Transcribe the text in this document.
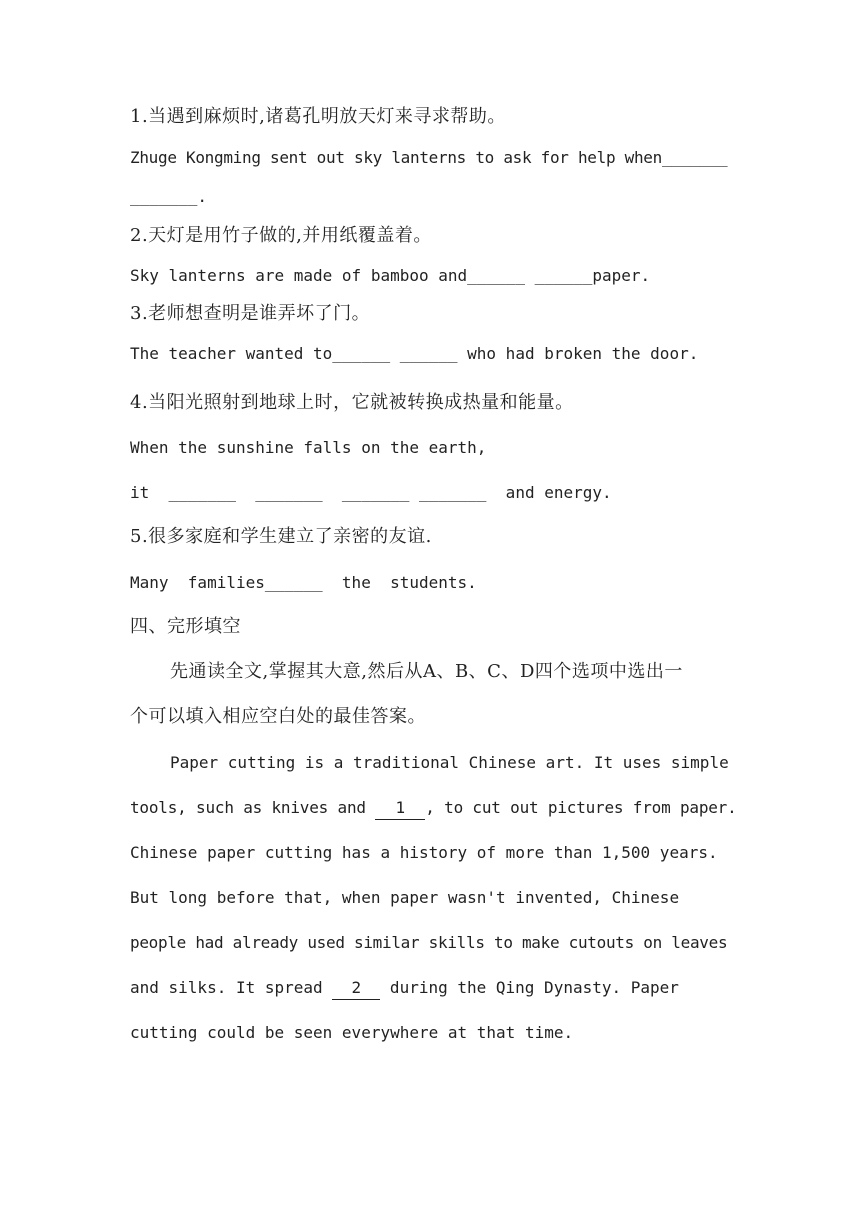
1.当遇到麻烦时,诸葛孔明放天灯来寻求帮助。
Zhuge Kongming sent out sky lanterns to ask for help when_______
_______.
2.天灯是用竹子做的,并用纸覆盖着。
Sky lanterns are made of bamboo and______ ______paper.
3.老师想查明是谁弄坏了门。
The teacher wanted to______ ______ who had broken the door.
4.当阳光照射到地球上时，它就被转换成热量和能量。
When the sunshine falls on the earth,
it  _______  _______  _______ _______  and energy.
5.很多家庭和学生建立了亲密的友谊.
Many  families______  the  students.
四、完形填空
先通读全文,掌握其大意,然后从A、B、C、D四个选项中选出一
个可以填入相应空白处的最佳答案。
Paper cutting is a traditional Chinese art. It uses simple
tools, such as knives and 1 , to cut out pictures from paper.
Chinese paper cutting has a history of more than 1,500 years.
But long before that, when paper wasn't invented, Chinese
people had already used similar skills to make cutouts on leaves
and silks. It spread 2 during the Qing Dynasty. Paper
cutting could be seen everywhere at that time.
